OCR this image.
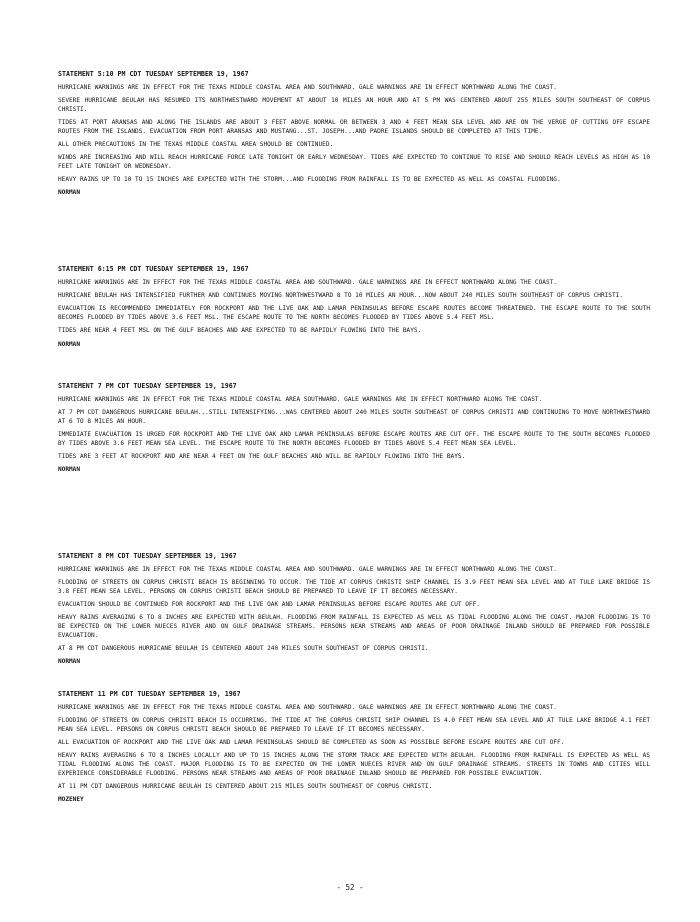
STATEMENT 5:10 PM CDT TUESDAY SEPTEMBER 19, 1967

HURRICANE WARNINGS ARE IN EFFECT FOR THE TEXAS MIDDLE COASTAL AREA AND SOUTHWARD. GALE WARNINGS ARE IN EFFECT NORTHWARD ALONG THE COAST.

SEVERE HURRICANE BEULAH HAS RESUMED ITS NORTHWESTWARD MOVEMENT AT ABOUT 10 MILES AN HOUR AND AT 5 PM WAS CENTERED ABOUT 255 MILES SOUTH SOUTHEAST OF CORPUS CHRISTI.

TIDES AT PORT ARANSAS AND ALONG THE ISLANDS ARE ABOUT 3 FEET ABOVE NORMAL OR BETWEEN 3 AND 4 FEET MEAN SEA LEVEL AND ARE ON THE VERGE OF CUTTING OFF ESCAPE ROUTES FROM THE ISLANDS. EVACUATION FROM PORT ARANSAS AND MUSTANG...ST. JOSEPH...AND PADRE ISLANDS SHOULD BE COMPLETED AT THIS TIME.

ALL OTHER PRECAUTIONS IN THE TEXAS MIDDLE COASTAL AREA SHOULD BE CONTINUED.

WINDS ARE INCREASING AND WILL REACH HURRICANE FORCE LATE TONIGHT OR EARLY WEDNESDAY. TIDES ARE EXPECTED TO CONTINUE TO RISE AND SHOULD REACH LEVELS AS HIGH AS 10 FEET LATE TONIGHT OR WEDNESDAY.

HEAVY RAINS UP TO 10 TO 15 INCHES ARE EXPECTED WITH THE STORM...AND FLOODING FROM RAINFALL IS TO BE EXPECTED AS WELL AS COASTAL FLOODING.

NORMAN

STATEMENT 6:15 PM CDT TUESDAY SEPTEMBER 19, 1967

HURRICANE WARNINGS ARE IN EFFECT FOR THE TEXAS MIDDLE COASTAL AREA AND SOUTHWARD. GALE WARNINGS ARE IN EFFECT NORTHWARD ALONG THE COAST.

HURRICANE BEULAH HAS INTENSIFIED FURTHER AND CONTINUES MOVING NORTHWESTWARD 8 TO 10 MILES AN HOUR...NOW ABOUT 240 MILES SOUTH SOUTHEAST OF CORPUS CHRISTI.

EVACUATION IS RECOMMENDED IMMEDIATELY FOR ROCKPORT AND THE LIVE OAK AND LAMAR PENINSULAS BEFORE ESCAPE ROUTES BECOME THREATENED. THE ESCAPE ROUTE TO THE SOUTH BECOMES FLOODED BY TIDES ABOVE 3.6 FEET MSL. THE ESCAPE ROUTE TO THE NORTH BECOMES FLOODED BY TIDES ABOVE 5.4 FEET MSL.

TIDES ARE NEAR 4 FEET MSL ON THE GULF BEACHES AND ARE EXPECTED TO BE RAPIDLY FLOWING INTO THE BAYS.

NORMAN

STATEMENT 7 PM CDT TUESDAY SEPTEMBER 19, 1967

HURRICANE WARNINGS ARE IN EFFECT FOR THE TEXAS MIDDLE COASTAL AREA SOUTHWARD. GALE WARNINGS ARE IN EFFECT NORTHWARD ALONG THE COAST.

AT 7 PM CDT DANGEROUS HURRICANE BEULAH...STILL INTENSIFYING...WAS CENTERED ABOUT 240 MILES SOUTH SOUTHEAST OF CORPUS CHRISTI AND CONTINUING TO MOVE NORTHWESTWARD AT 6 TO 8 MILES AN HOUR.

IMMEDIATE EVACUATION IS URGED FOR ROCKPORT AND THE LIVE OAK AND LAMAR PENINSULAS BEFORE ESCAPE ROUTES ARE CUT OFF. THE ESCAPE ROUTE TO THE SOUTH BECOMES FLOODED BY TIDES ABOVE 3.6 FEET MEAN SEA LEVEL. THE ESCAPE ROUTE TO THE NORTH BECOMES FLOODED BY TIDES ABOVE 5.4 FEET MEAN SEA LEVEL.

TIDES ARE 3 FEET AT ROCKPORT AND ARE NEAR 4 FEET ON THE GULF BEACHES AND WILL BE RAPIDLY FLOWING INTO THE BAYS.

NORMAN

STATEMENT 8 PM CDT TUESDAY SEPTEMBER 19, 1967

HURRICANE WARNINGS ARE IN EFFECT FOR THE TEXAS MIDDLE COASTAL AREA AND SOUTHWARD. GALE WARNINGS ARE IN EFFECT NORTHWARD ALONG THE COAST.

FLOODING OF STREETS ON CORPUS CHRISTI BEACH IS BEGINNING TO OCCUR. THE TIDE AT CORPUS CHRISTI SHIP CHANNEL IS 3.9 FEET MEAN SEA LEVEL AND AT TULE LAKE BRIDGE IS 3.8 FEET MEAN SEA LEVEL. PERSONS ON CORPUS CHRISTI BEACH SHOULD BE PREPARED TO LEAVE IF IT BECOMES NECESSARY.

EVACUATION SHOULD BE CONTINUED FOR ROCKPORT AND THE LIVE OAK AND LAMAR PENINSULAS BEFORE ESCAPE ROUTES ARE CUT OFF.

HEAVY RAINS AVERAGING 6 TO 8 INCHES ARE EXPECTED WITH BEULAH. FLOODING FROM RAINFALL IS EXPECTED AS WELL AS TIDAL FLOODING ALONG THE COAST. MAJOR FLOODING IS TO BE EXPECTED ON THE LOWER NUECES RIVER AND ON GULF DRAINAGE STREAMS. PERSONS NEAR STREAMS AND AREAS OF POOR DRAINAGE INLAND SHOULD BE PREPARED FOR POSSIBLE EVACUATION.

AT 8 PM CDT DANGEROUS HURRICANE BEULAH IS CENTERED ABOUT 240 MILES SOUTH SOUTHEAST OF CORPUS CHRISTI.

NORMAN

STATEMENT 11 PM CDT TUESDAY SEPTEMBER 19, 1967

HURRICANE WARNINGS ARE IN EFFECT FOR THE TEXAS MIDDLE COASTAL AREA AND SOUTHWARD. GALE WARNINGS ARE IN EFFECT NORTHWARD ALONG THE COAST.

FLOODING OF STREETS ON CORPUS CHRISTI BEACH IS OCCURRING. THE TIDE AT THE CORPUS CHRISTI SHIP CHANNEL IS 4.0 FEET MEAN SEA LEVEL AND AT TULE LAKE BRIDGE 4.1 FEET MEAN SEA LEVEL. PERSONS ON CORPUS CHRISTI BEACH SHOULD BE PREPARED TO LEAVE IF IT BECOMES NECESSARY.

ALL EVACUATION OF ROCKPORT AND THE LIVE OAK AND LAMAR PENINSULAS SHOULD BE COMPLETED AS SOON AS POSSIBLE BEFORE ESCAPE ROUTES ARE CUT OFF.

HEAVY RAINS AVERAGING 6 TO 8 INCHES LOCALLY AND UP TO 15 INCHES ALONG THE STORM TRACK ARE EXPECTED WITH BEULAH. FLOODING FROM RAINFALL IS EXPECTED AS WELL AS TIDAL FLOODING ALONG THE COAST. MAJOR FLOODING IS TO BE EXPECTED ON THE LOWER NUECES RIVER AND ON GULF DRAINAGE STREAMS. STREETS IN TOWNS AND CITIES WILL EXPERIENCE CONSIDERABLE FLOODING. PERSONS NEAR STREAMS AND AREAS OF POOR DRAINAGE INLAND SHOULD BE PREPARED FOR POSSIBLE EVACUATION.

AT 11 PM CDT DANGEROUS HURRICANE BEULAH IS CENTERED ABOUT 215 MILES SOUTH SOUTHEAST OF CORPUS CHRISTI.

MOZENEY

- 52 -
